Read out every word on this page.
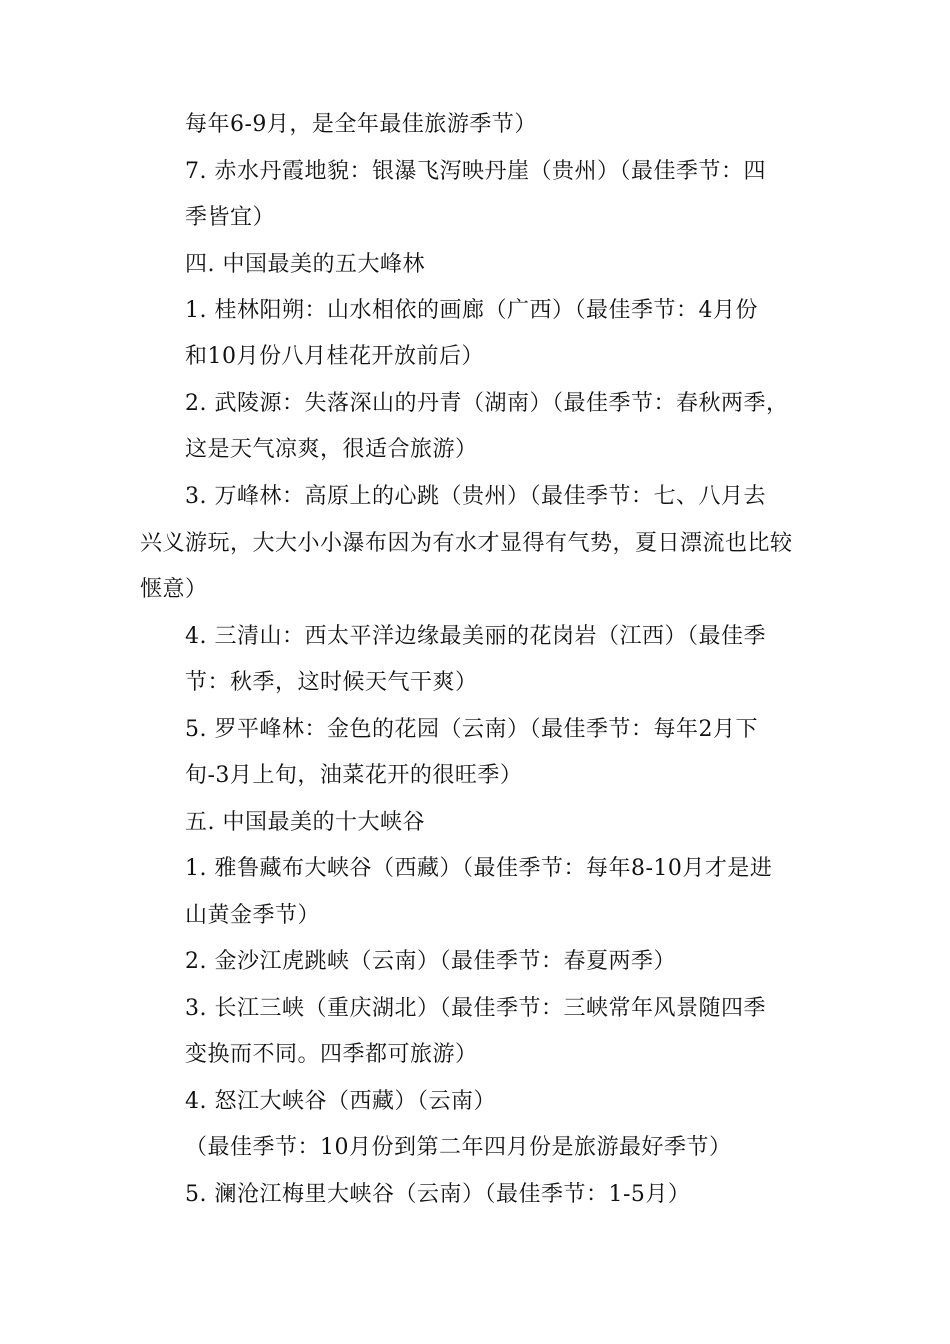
每年6-9月，是全年最佳旅游季节）
7. 赤水丹霞地貌：银瀑飞泻映丹崖（贵州）（最佳季节：四
季皆宜）
四. 中国最美的五大峰林
1. 桂林阳朔：山水相依的画廊（广西）（最佳季节：4月份
和10月份八月桂花开放前后）
2. 武陵源：失落深山的丹青（湖南）（最佳季节：春秋两季，
这是天气凉爽，很适合旅游）
3. 万峰林：高原上的心跳（贵州）（最佳季节：七、八月去
兴义游玩，大大小小瀑布因为有水才显得有气势，夏日漂流也比较
惬意）
4. 三清山：西太平洋边缘最美丽的花岗岩（江西）（最佳季
节：秋季，这时候天气干爽）
5. 罗平峰林：金色的花园（云南）（最佳季节：每年2月下
旬-3月上旬，油菜花开的很旺季）
五. 中国最美的十大峡谷
1. 雅鲁藏布大峡谷（西藏）（最佳季节：每年8-10月才是进
山黄金季节）
2. 金沙江虎跳峡（云南）（最佳季节：春夏两季）
3. 长江三峡（重庆湖北）（最佳季节：三峡常年风景随四季
变换而不同。四季都可旅游）
4. 怒江大峡谷（西藏）（云南）
（最佳季节：10月份到第二年四月份是旅游最好季节）
5. 澜沧江梅里大峡谷（云南）（最佳季节：1-5月）
